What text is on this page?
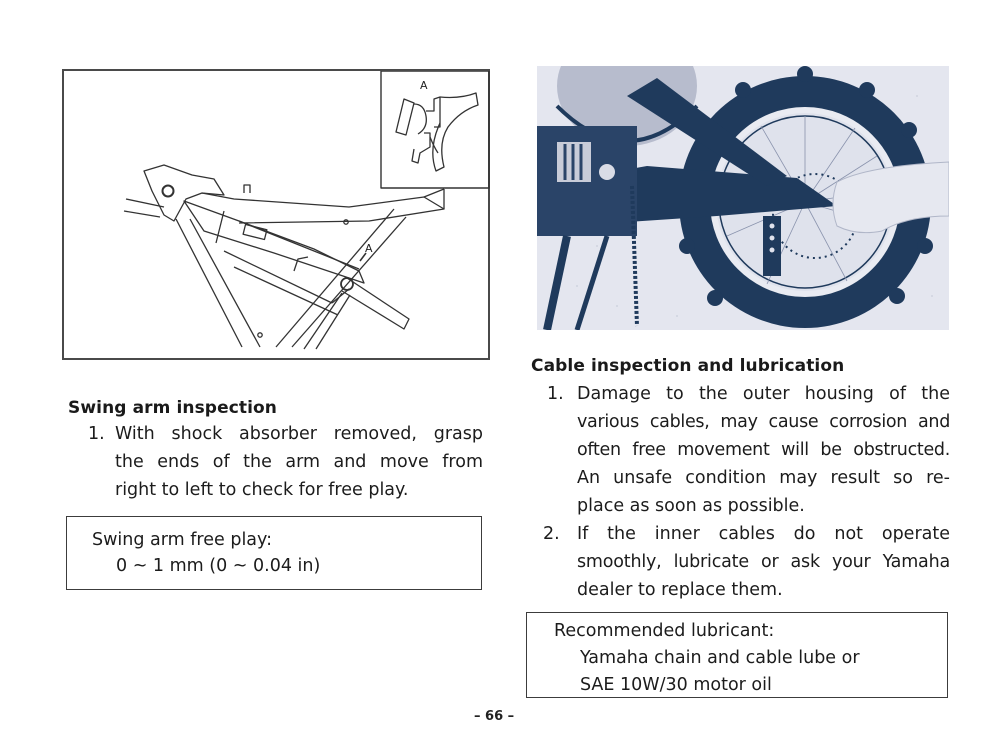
A
A
Swing arm inspection
1. With shock absorber removed, grasp
the ends of the arm and move from
right to left to check for free play.
Swing arm free play:
0 ~ 1 mm (0 ~ 0.04 in)
Cable inspection and lubrication
1. Damage to the outer housing of the
various cables, may cause corrosion and
often free movement will be obstructed.
An unsafe condition may result so re-
place as soon as possible.
2. If the inner cables do not operate
smoothly, lubricate or ask your Yamaha
dealer to replace them.
Recommended lubricant:
Yamaha chain and cable lube or
SAE 10W/30 motor oil
– 66 –
